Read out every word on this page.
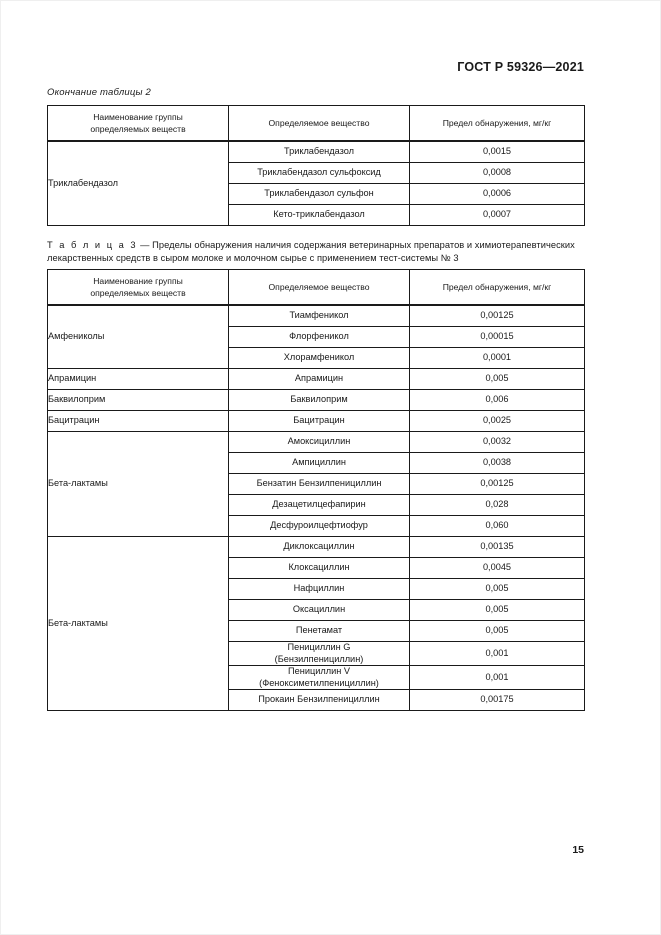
ГОСТ Р 59326—2021
Окончание таблицы 2
Наименование группы
определяемых веществ	Определяемое вещество	Предел обнаружения, мг/кг
Триклабендазол	Триклабендазол	0,0015
	Триклабендазол сульфоксид	0,0008
	Триклабендазол сульфон	0,0006
	Кето-триклабендазол	0,0007
Т а б л и ц а 3 — Пределы обнаружения наличия содержания ветеринарных препаратов и химиотерапевтических лекарственных средств в сыром молоке и молочном сырье с применением тест-системы № 3
Наименование группы
определяемых веществ	Определяемое вещество	Предел обнаружения, мг/кг
Амфениколы	Тиамфеникол	0,00125
	Флорфеникол	0,00015
	Хлорамфеникол	0,0001
Апрамицин	Апрамицин	0,005
Баквилоприм	Баквилоприм	0,006
Бацитрацин	Бацитрацин	0,0025
Бета-лактамы	Амоксициллин	0,0032
	Ампициллин	0,0038
	Бензатин Бензилпенициллин	0,00125
	Дезацетилцефапирин	0,028
	Десфуроилцефтиофур	0,060
Бета-лактамы	Диклоксациллин	0,00135
	Клоксациллин	0,0045
	Нафциллин	0,005
	Оксациллин	0,005
	Пенетамат	0,005

	Пенициллин G
(Бензилпенициллин)	0,001

	Пенициллин V
(Феноксиметилпенициллин)	0,001
	Прокаин Бензилпенициллин	0,00175
15
